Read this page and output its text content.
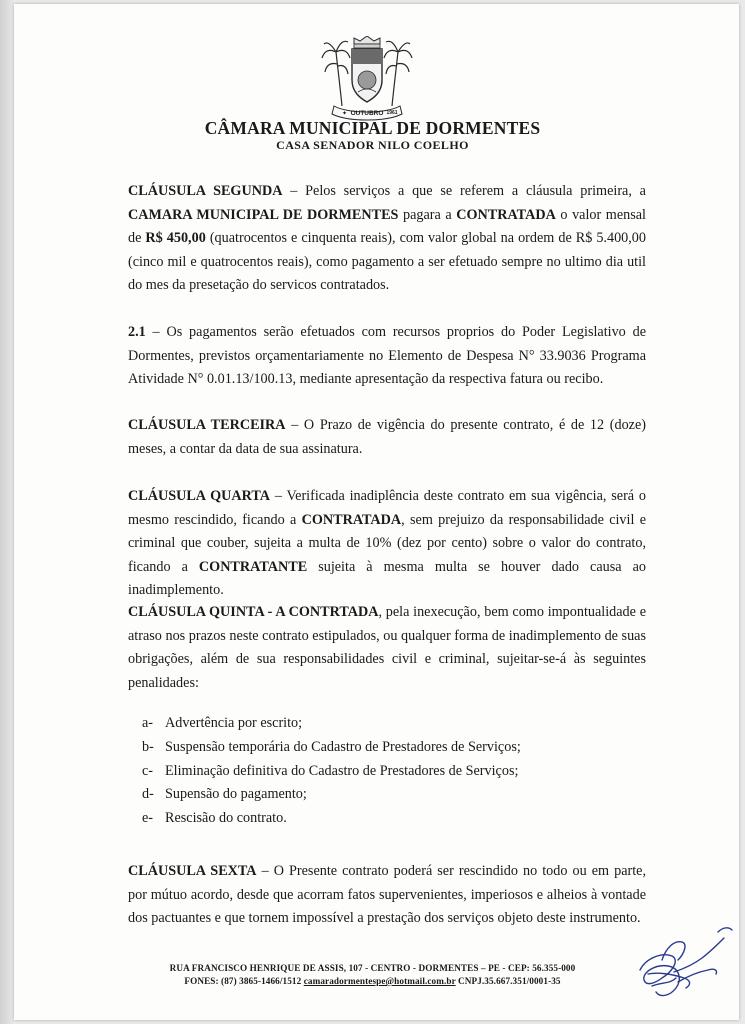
OUTUBRO 1961
✦
CÂMARA MUNICIPAL DE DORMENTES
CASA SENADOR NILO COELHO
CLÁUSULA SEGUNDA – Pelos serviços a que se referem a cláusula primeira, a CAMARA MUNICIPAL DE DORMENTES pagara a CONTRATADA o valor mensal de R$ 450,00 (quatrocentos e cinquenta reais), com valor global na ordem de R$ 5.400,00 (cinco mil e quatrocentos reais), como pagamento a ser efetuado sempre no ultimo dia util do mes da presetação do servicos contratados.
2.1 – Os pagamentos serão efetuados com recursos proprios do Poder Legislativo de Dormentes, previstos orçamentariamente no Elemento de Despesa N° 33.9036 Programa Atividade N° 0.01.13/100.13, mediante apresentação da respectiva fatura ou recibo.
CLÁUSULA TERCEIRA – O Prazo de vigência do presente contrato, é de 12 (doze) meses, a contar da data de sua assinatura.
CLÁUSULA QUARTA – Verificada inadiplência deste contrato em sua vigência, será o mesmo rescindido, ficando a CONTRATADA, sem prejuizo da responsabilidade civil e criminal que couber, sujeita a multa de 10% (dez por cento) sobre o valor do contrato, ficando a CONTRATANTE sujeita à mesma multa se houver dado causa ao inadimplemento.
CLÁUSULA QUINTA - A CONTRTADA, pela inexecução, bem como impontualidade e atraso nos prazos neste contrato estipulados, ou qualquer forma de inadimplemento de suas obrigações, além de sua responsabilidades civil e criminal, sujeitar-se-á às seguintes penalidades:
a- Advertência por escrito;
b- Suspensão temporária do Cadastro de Prestadores de Serviços;
c- Eliminação definitiva do Cadastro de Prestadores de Serviços;
d- Supensão do pagamento;
e- Rescisão do contrato.
CLÁUSULA SEXTA – O Presente contrato poderá ser rescindido no todo ou em parte, por mútuo acordo, desde que acorram fatos supervenientes, imperiosos e alheios à vontade dos pactuantes e que tornem impossível a prestação dos serviços objeto deste instrumento.
RUA FRANCISCO HENRIQUE DE ASSIS, 107 - CENTRO - DORMENTES – PE - CEP: 56.355-000
FONES: (87) 3865-1466/1512 camaradormentespe@hotmail.com.br CNPJ.35.667.351/0001-35
